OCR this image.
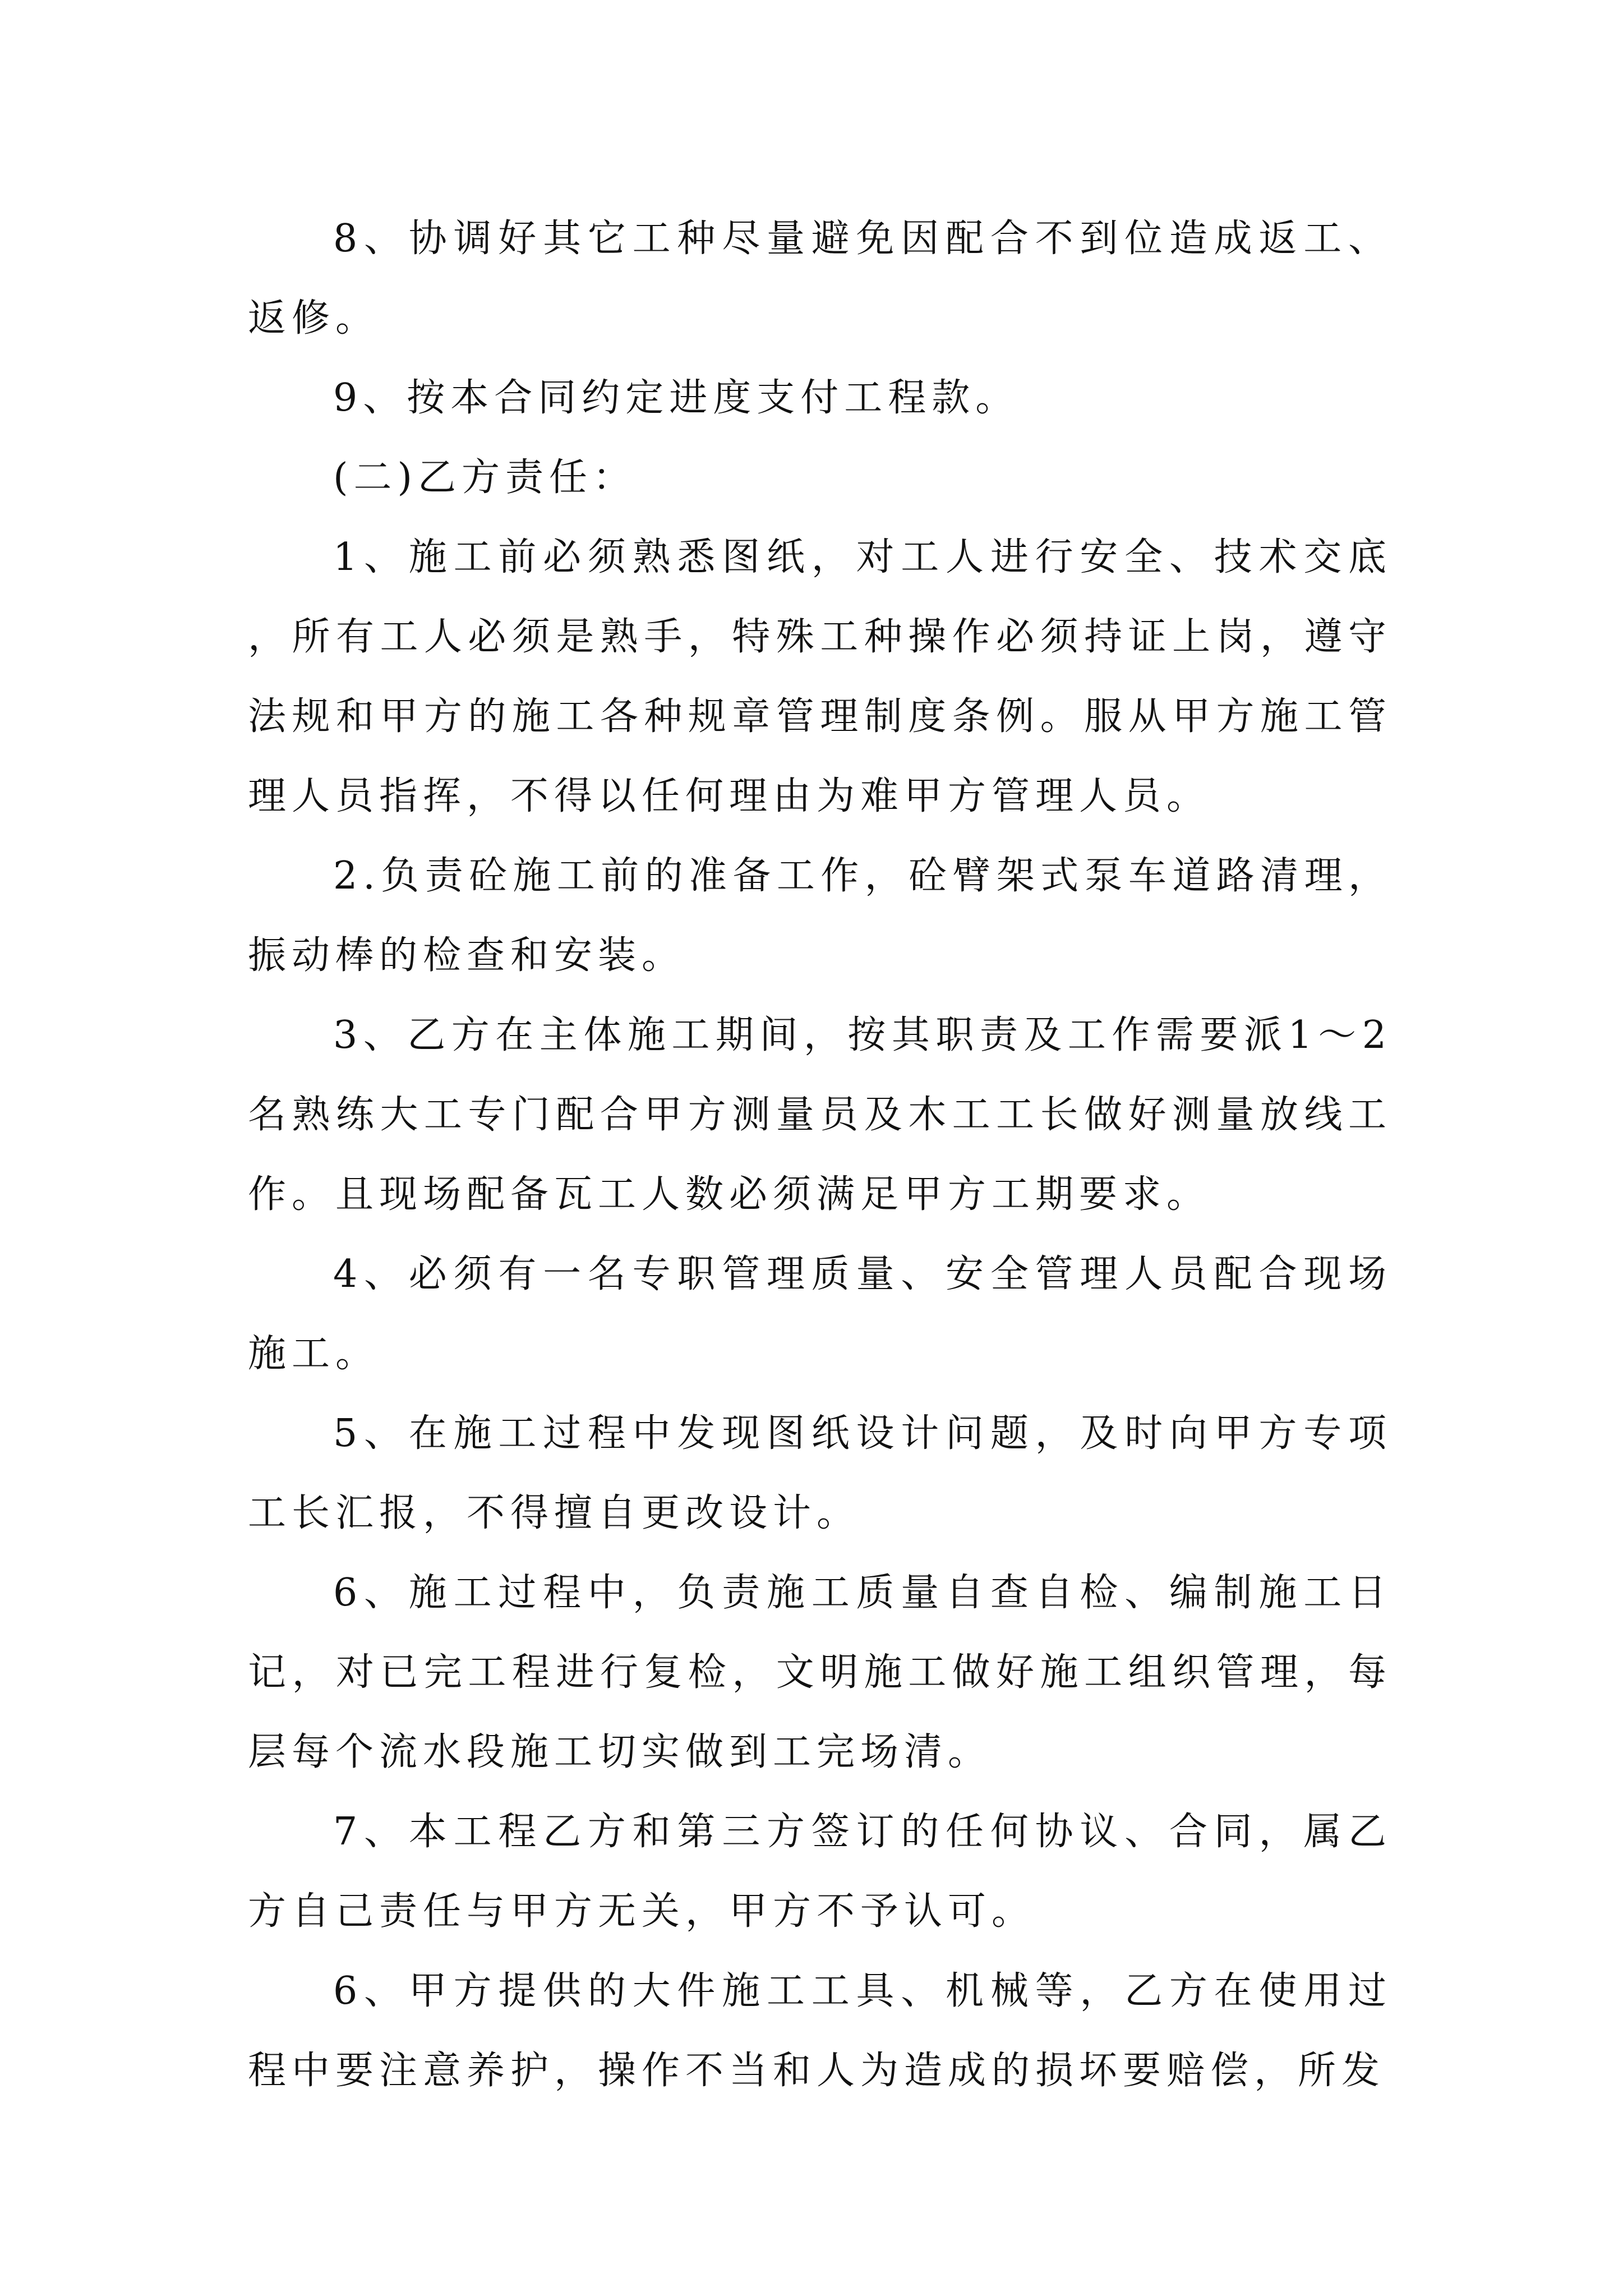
8、协调好其它工种尽量避免因配合不到位造成返工、返修。

9、按本合同约定进度支付工程款。

(二)乙方责任：

1、施工前必须熟悉图纸，对工人进行安全、技术交底，所有工人必须是熟手，特殊工种操作必须持证上岗，遵守法规和甲方的施工各种规章管理制度条例。服从甲方施工管理人员指挥，不得以任何理由为难甲方管理人员。

2.负责砼施工前的准备工作，砼臂架式泵车道路清理，振动棒的检查和安装。

3、乙方在主体施工期间，按其职责及工作需要派1～2名熟练大工专门配合甲方测量员及木工工长做好测量放线工作。且现场配备瓦工人数必须满足甲方工期要求。

4、必须有一名专职管理质量、安全管理人员配合现场施工。

5、在施工过程中发现图纸设计问题，及时向甲方专项工长汇报，不得擅自更改设计。

6、施工过程中，负责施工质量自查自检、编制施工日记，对已完工程进行复检，文明施工做好施工组织管理，每层每个流水段施工切实做到工完场清。

7、本工程乙方和第三方签订的任何协议、合同，属乙方自己责任与甲方无关，甲方不予认可。

6、甲方提供的大件施工工具、机械等，乙方在使用过程中要注意养护，操作不当和人为造成的损坏要赔偿，所发
